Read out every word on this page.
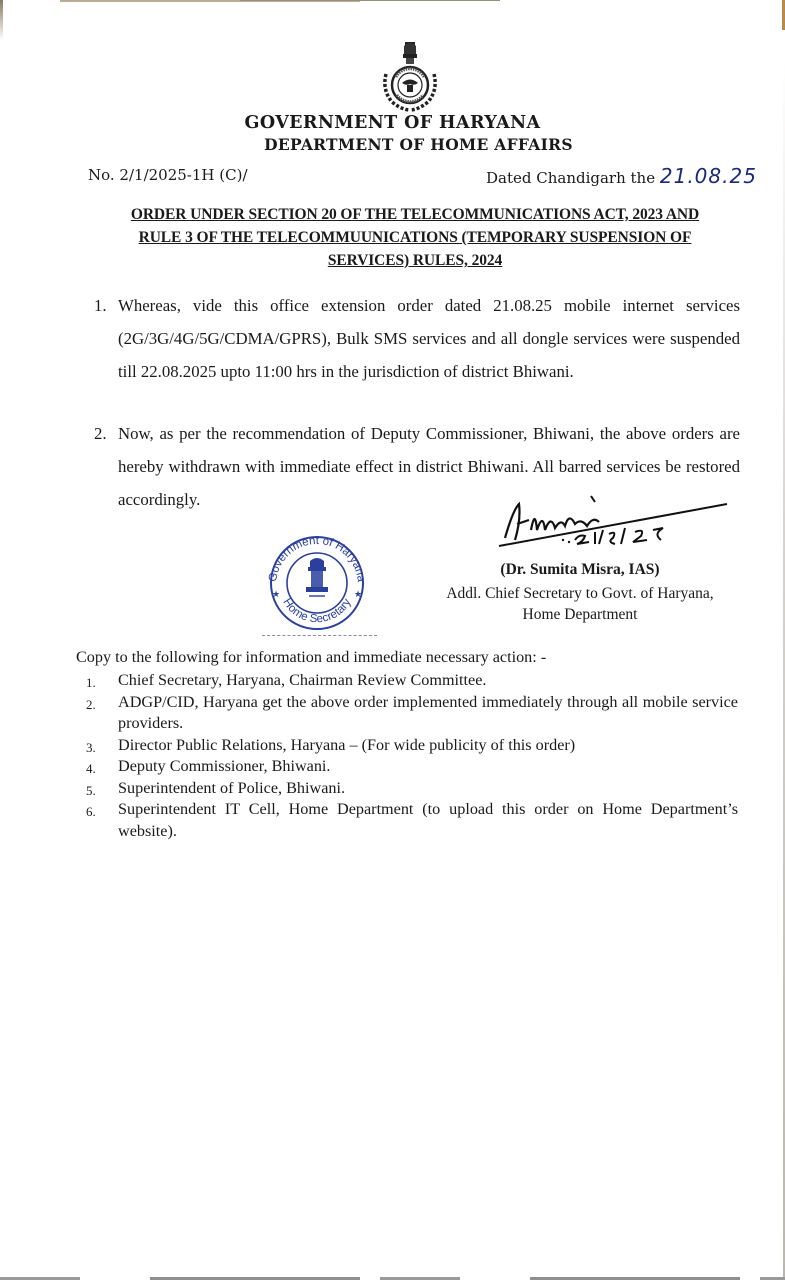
GOVERNMENT OF HARYANA
DEPARTMENT OF HOME AFFAIRS
No. 2/1/2025-1H (C)/	Dated Chandigarh the 21.08.25
ORDER UNDER SECTION 20 OF THE TELECOMMUNICATIONS ACT, 2023 AND
RULE 3 OF THE TELECOMMUUNICATIONS (TEMPORARY SUSPENSION OF
SERVICES) RULES, 2024
1. Whereas, vide this office extension order dated 21.08.25 mobile internet services (2G/3G/4G/5G/CDMA/GPRS), Bulk SMS services and all dongle services were suspended till 22.08.2025 upto 11:00 hrs in the jurisdiction of district Bhiwani.
2. Now, as per the recommendation of Deputy Commissioner, Bhiwani, the above orders are hereby withdrawn with immediate effect in district Bhiwani. All barred services be restored accordingly.
Government of Haryana
Home Secretary
★	★
(Dr. Sumita Misra, IAS)
Addl. Chief Secretary to Govt. of Haryana,
Home Department
Copy to the following for information and immediate necessary action: -
1. Chief Secretary, Haryana, Chairman Review Committee.
2. ADGP/CID, Haryana get the above order implemented immediately through all mobile service providers.
3. Director Public Relations, Haryana – (For wide publicity of this order)
4. Deputy Commissioner, Bhiwani.
5. Superintendent of Police, Bhiwani.
6. Superintendent IT Cell, Home Department (to upload this order on Home Department’s website).
